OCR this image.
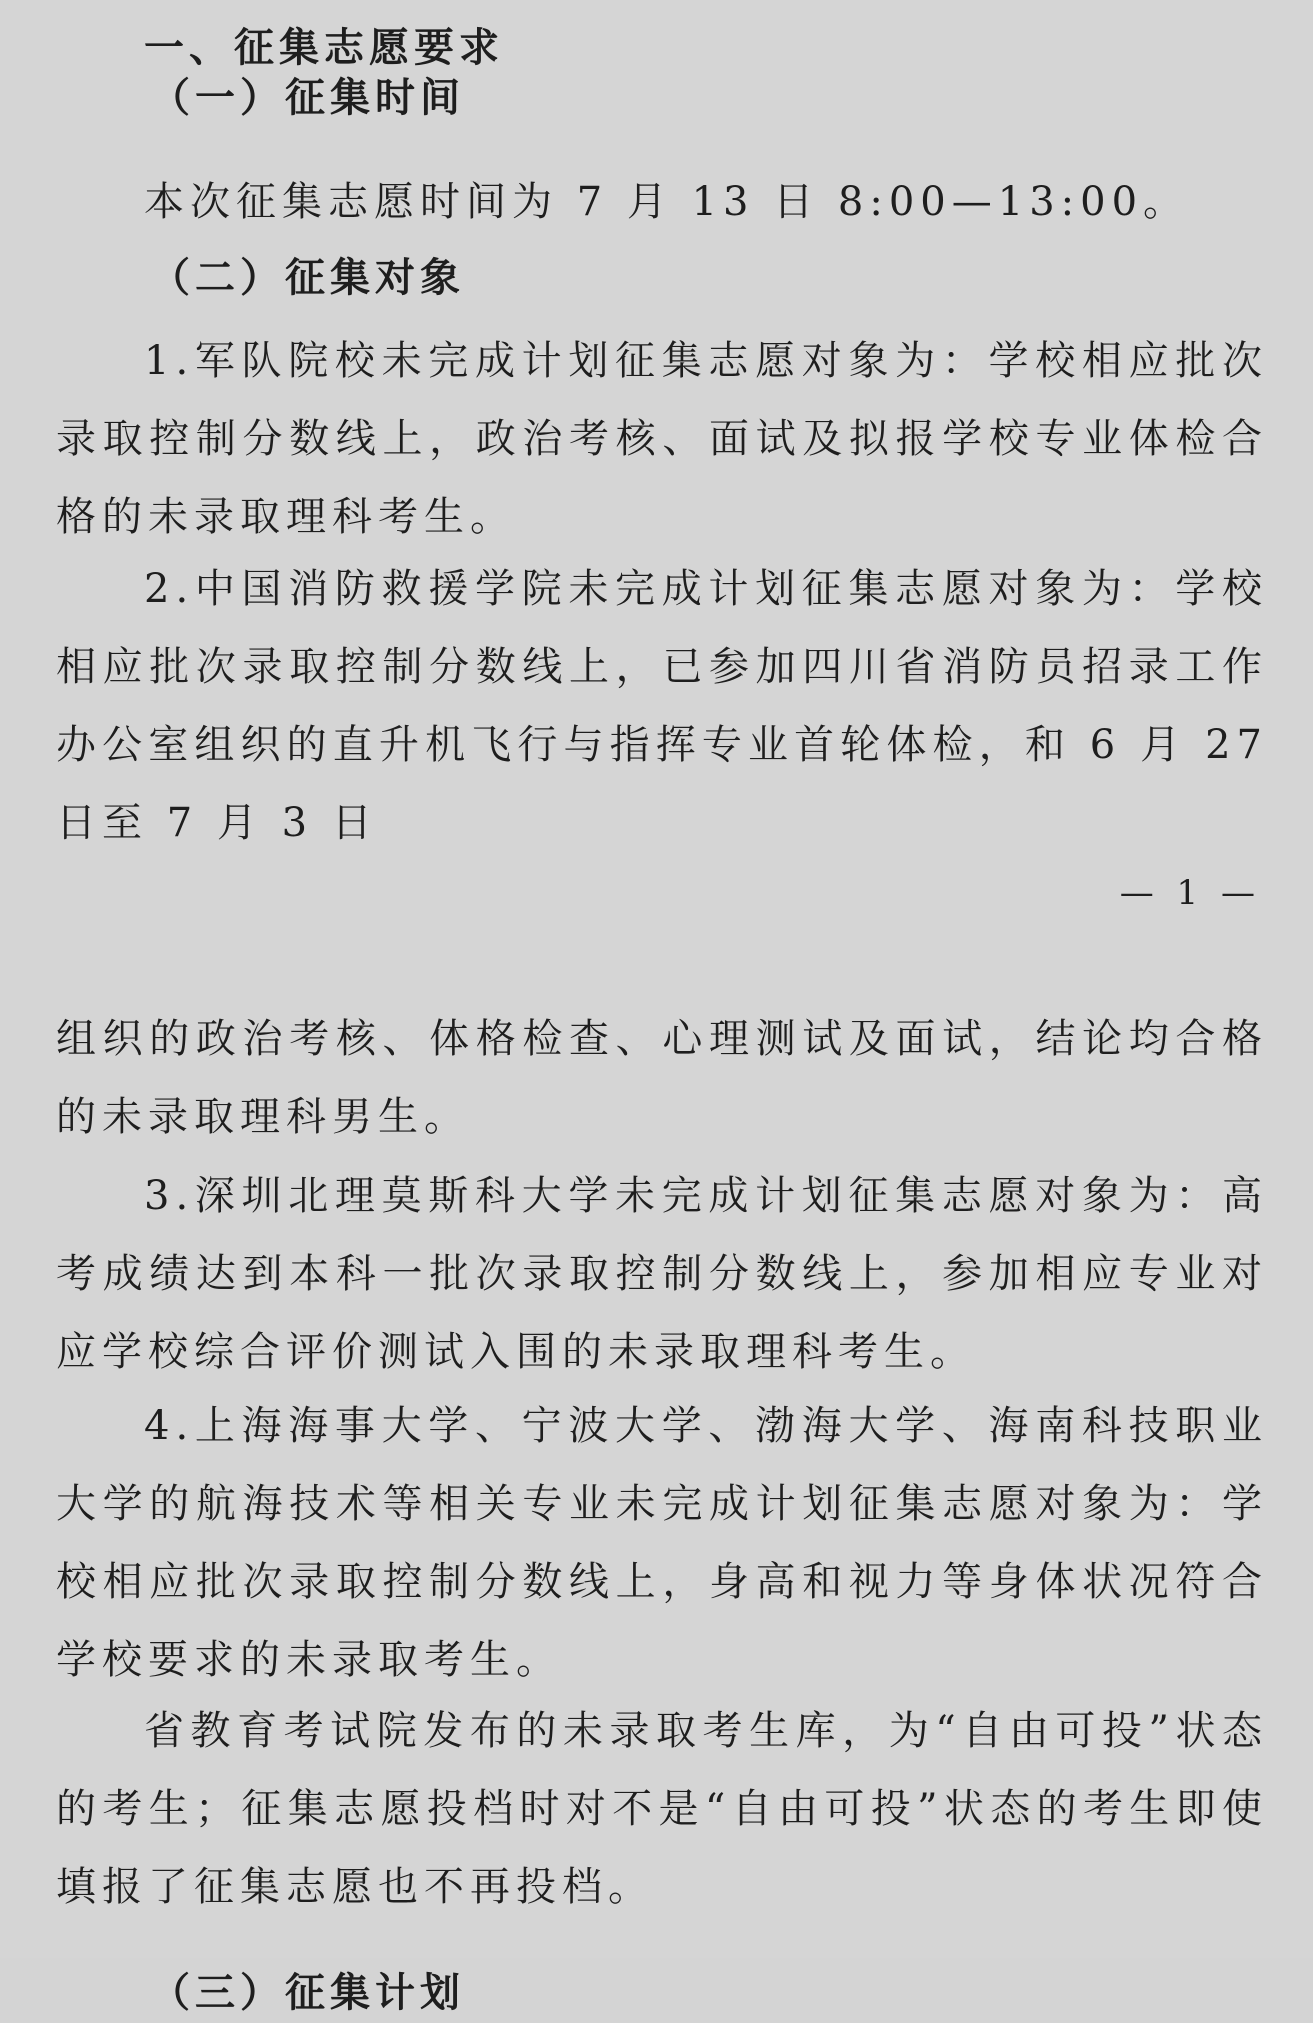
一、征集志愿要求
（一）征集时间

本次征集志愿时间为 7 月 13 日 8:00—13:00。

（二）征集对象

1.军队院校未完成计划征集志愿对象为：学校相应批次录取控制分数线上，政治考核、面试及拟报学校专业体检合格的未录取理科考生。

2.中国消防救援学院未完成计划征集志愿对象为：学校相应批次录取控制分数线上，已参加四川省消防员招录工作办公室组织的直升机飞行与指挥专业首轮体检，和 6 月 27 日至 7 月 3 日

— 1 —

组织的政治考核、体格检查、心理测试及面试，结论均合格的未录取理科男生。

3.深圳北理莫斯科大学未完成计划征集志愿对象为：高考成绩达到本科一批次录取控制分数线上，参加相应专业对应学校综合评价测试入围的未录取理科考生。

4.上海海事大学、宁波大学、渤海大学、海南科技职业大学的航海技术等相关专业未完成计划征集志愿对象为：学校相应批次录取控制分数线上，身高和视力等身体状况符合学校要求的未录取考生。

省教育考试院发布的未录取考生库，为“自由可投”状态的考生；征集志愿投档时对不是“自由可投”状态的考生即使填报了征集志愿也不再投档。

（三）征集计划
